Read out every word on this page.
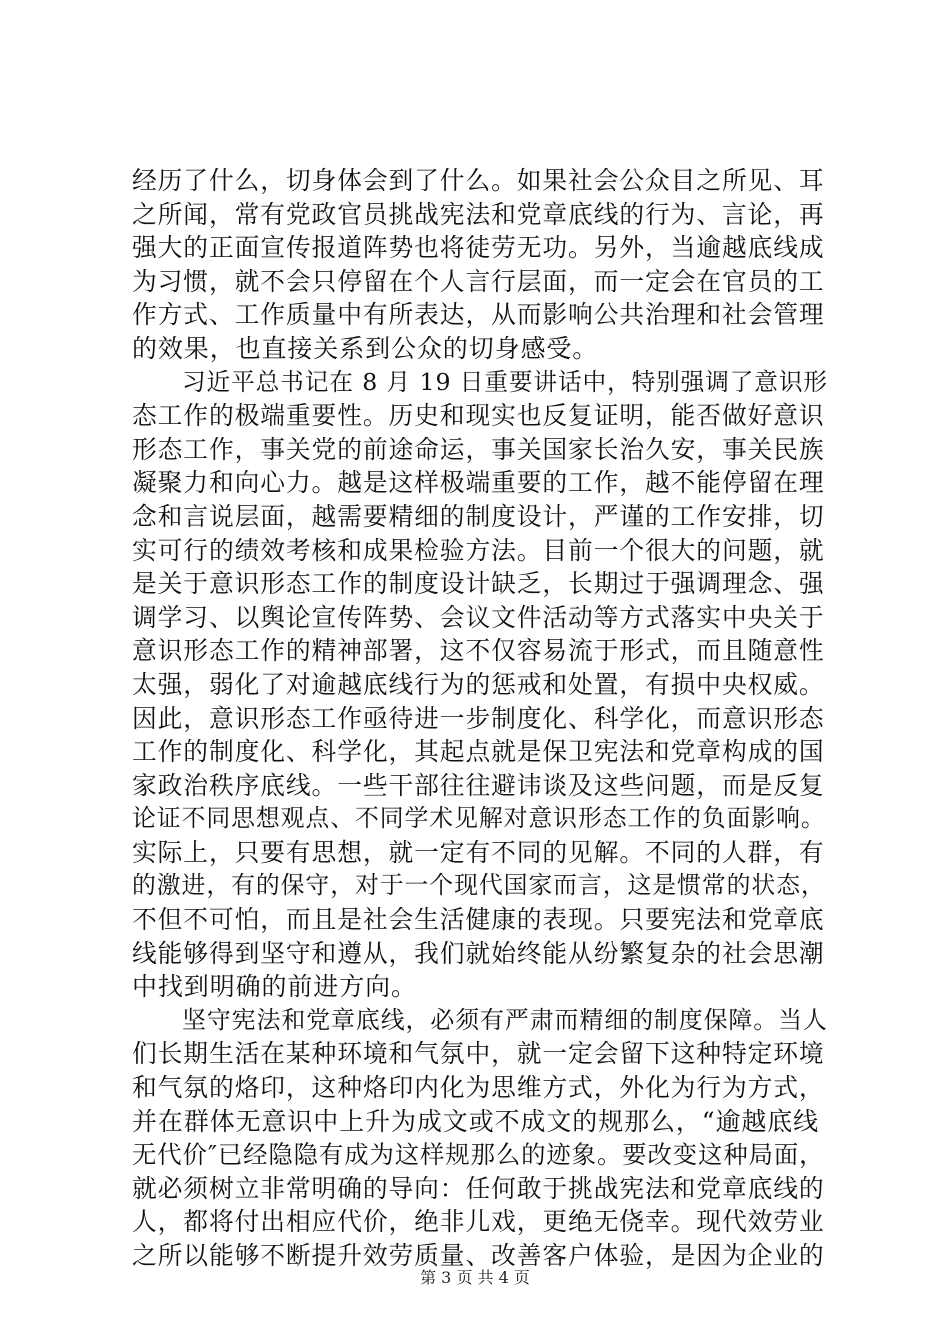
经历了什么，切身体会到了什么。如果社会公众目之所见、耳
之所闻，常有党政官员挑战宪法和党章底线的行为、言论，再
强大的正面宣传报道阵势也将徒劳无功。另外，当逾越底线成
为习惯，就不会只停留在个人言行层面，而一定会在官员的工
作方式、工作质量中有所表达，从而影响公共治理和社会管理
的效果，也直接关系到公众的切身感受。
习近平总书记在 8 月 19 日重要讲话中，特别强调了意识形
态工作的极端重要性。历史和现实也反复证明，能否做好意识
形态工作，事关党的前途命运，事关国家长治久安，事关民族
凝聚力和向心力。越是这样极端重要的工作，越不能停留在理
念和言说层面，越需要精细的制度设计，严谨的工作安排，切
实可行的绩效考核和成果检验方法。目前一个很大的问题，就
是关于意识形态工作的制度设计缺乏，长期过于强调理念、强
调学习、以舆论宣传阵势、会议文件活动等方式落实中央关于
意识形态工作的精神部署，这不仅容易流于形式，而且随意性
太强，弱化了对逾越底线行为的惩戒和处置，有损中央权威。
因此，意识形态工作亟待进一步制度化、科学化，而意识形态
工作的制度化、科学化，其起点就是保卫宪法和党章构成的国
家政治秩序底线。一些干部往往避讳谈及这些问题，而是反复
论证不同思想观点、不同学术见解对意识形态工作的负面影响。
实际上，只要有思想，就一定有不同的见解。不同的人群，有
的激进，有的保守，对于一个现代国家而言，这是惯常的状态，
不但不可怕，而且是社会生活健康的表现。只要宪法和党章底
线能够得到坚守和遵从，我们就始终能从纷繁复杂的社会思潮
中找到明确的前进方向。
坚守宪法和党章底线，必须有严肃而精细的制度保障。当人
们长期生活在某种环境和气氛中，就一定会留下这种特定环境
和气氛的烙印，这种烙印内化为思维方式，外化为行为方式，
并在群体无意识中上升为成文或不成文的规那么，“逾越底线
无代价″已经隐隐有成为这样规那么的迹象。要改变这种局面，
就必须树立非常明确的导向：任何敢于挑战宪法和党章底线的
人，都将付出相应代价，绝非儿戏，更绝无侥幸。现代效劳业
之所以能够不断提升效劳质量、改善客户体验，是因为企业的
第 3 页 共 4 页
